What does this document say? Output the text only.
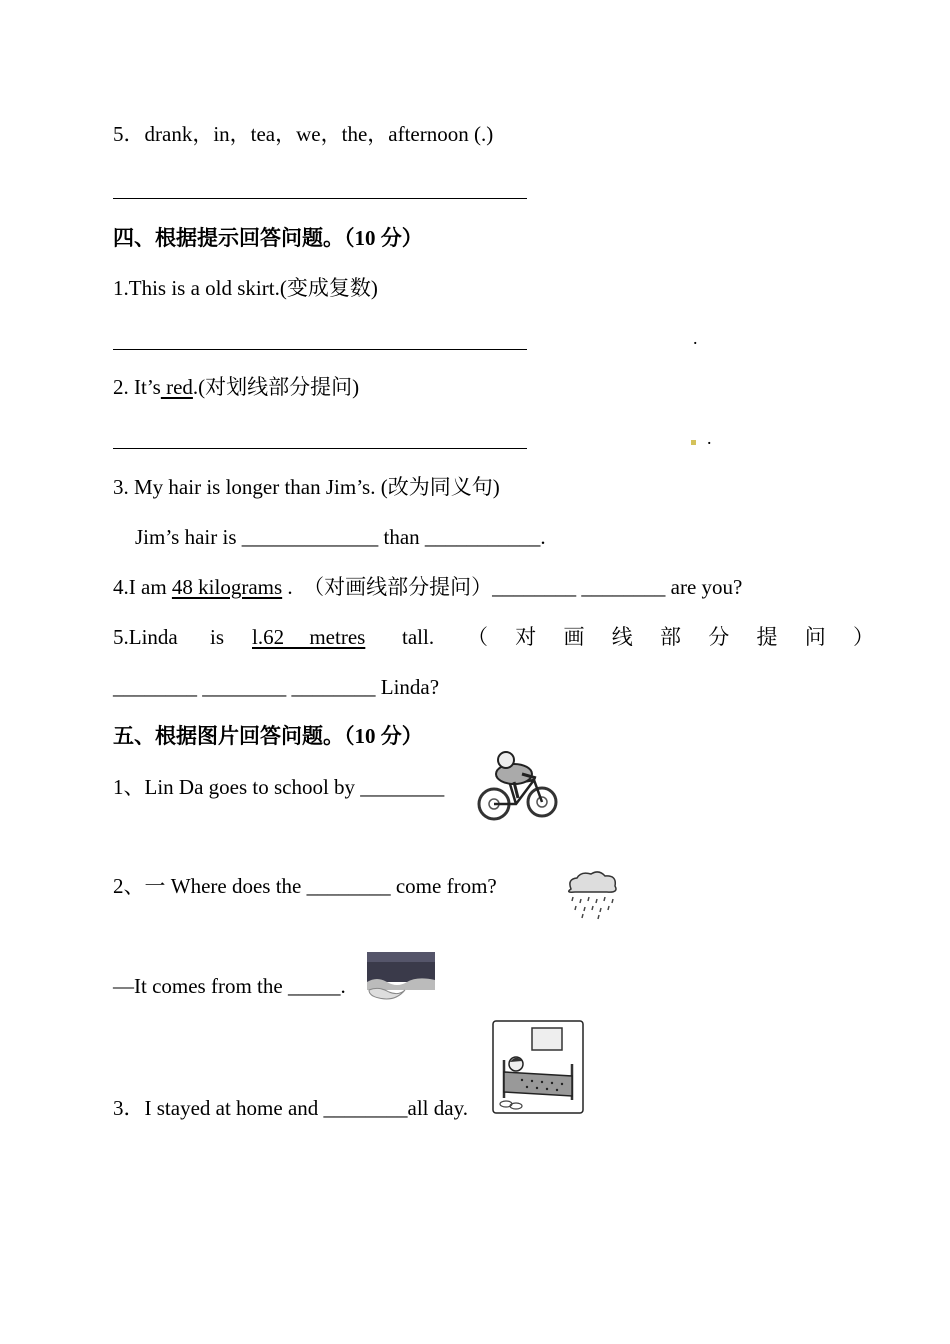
5．drank，in，tea，we，the，afternoon (.)
四、根据提示回答问题。（10 分）
1.This is a old skirt.(变成复数)
.
2. It’s red.(对划线部分提问)
.
3. My hair is longer than Jim’s. (改为同义句)
Jim’s hair is _____________ than ___________.
4.I am 48 kilograms .　（对画线部分提问）________ ________ are you?
5.Linda is l.62 metres tall. （ 对 画 线 部 分 提 问 ）
________ ________ ________ Linda?
五、根据图片回答问题。（10 分）
1、Lin Da goes to school by ________
2、一 Where does the ________ come from?
—It comes from the _____.
3．I stayed at home and ________all day.
